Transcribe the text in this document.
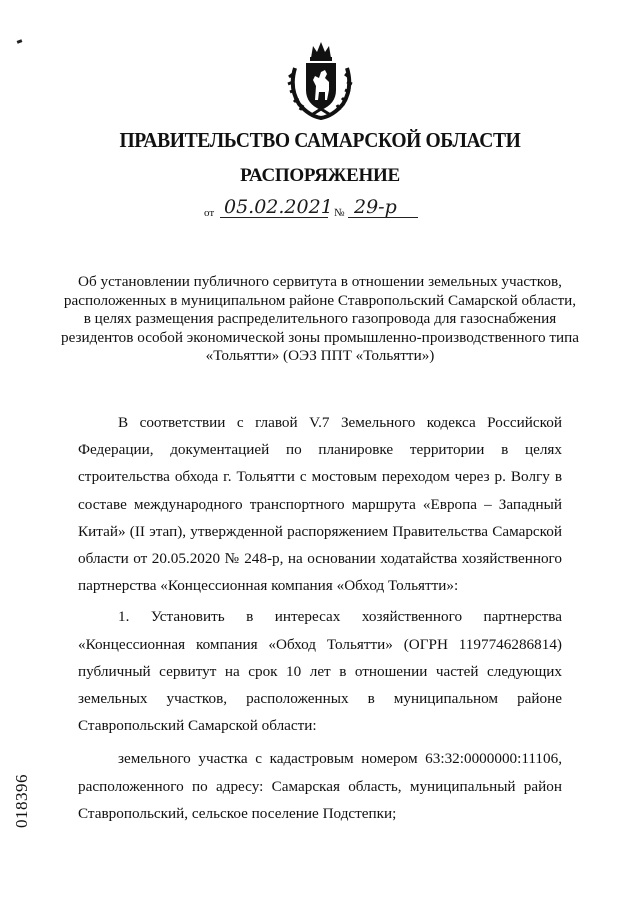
ПРАВИТЕЛЬСТВО САМАРСКОЙ ОБЛАСТИ
РАСПОРЯЖЕНИЕ
от 05.02.2021 № 29-р
Об установлении публичного сервитута в отношении земельных участков, расположенных в муниципальном районе Ставропольский Самарской области, в целях размещения распределительного газопровода для газоснабжения резидентов особой экономической зоны промышленно-производственного типа «Тольятти» (ОЭЗ ППТ «Тольятти»)

В соответствии с главой V.7 Земельного кодекса Российской Федерации, документацией по планировке территории в целях строительства обхода г. Тольятти с мостовым переходом через р. Волгу в составе международного транспортного маршрута «Европа – Западный Китай» (II этап), утвержденной распоряжением Правительства Самарской области от 20.05.2020 № 248-р, на основании ходатайства хозяйственного партнерства «Концессионная компания «Обход Тольятти»:

1. Установить в интересах хозяйственного партнерства «Концессионная компания «Обход Тольятти» (ОГРН 1197746286814) публичный сервитут на срок 10 лет в отношении частей следующих земельных участков, расположенных в муниципальном районе Ставропольский Самарской области:

земельного участка с кадастровым номером 63:32:0000000:11106, расположенного по адресу: Самарская область, муниципальный район Ставропольский, сельское поселение Подстепки;

018396
